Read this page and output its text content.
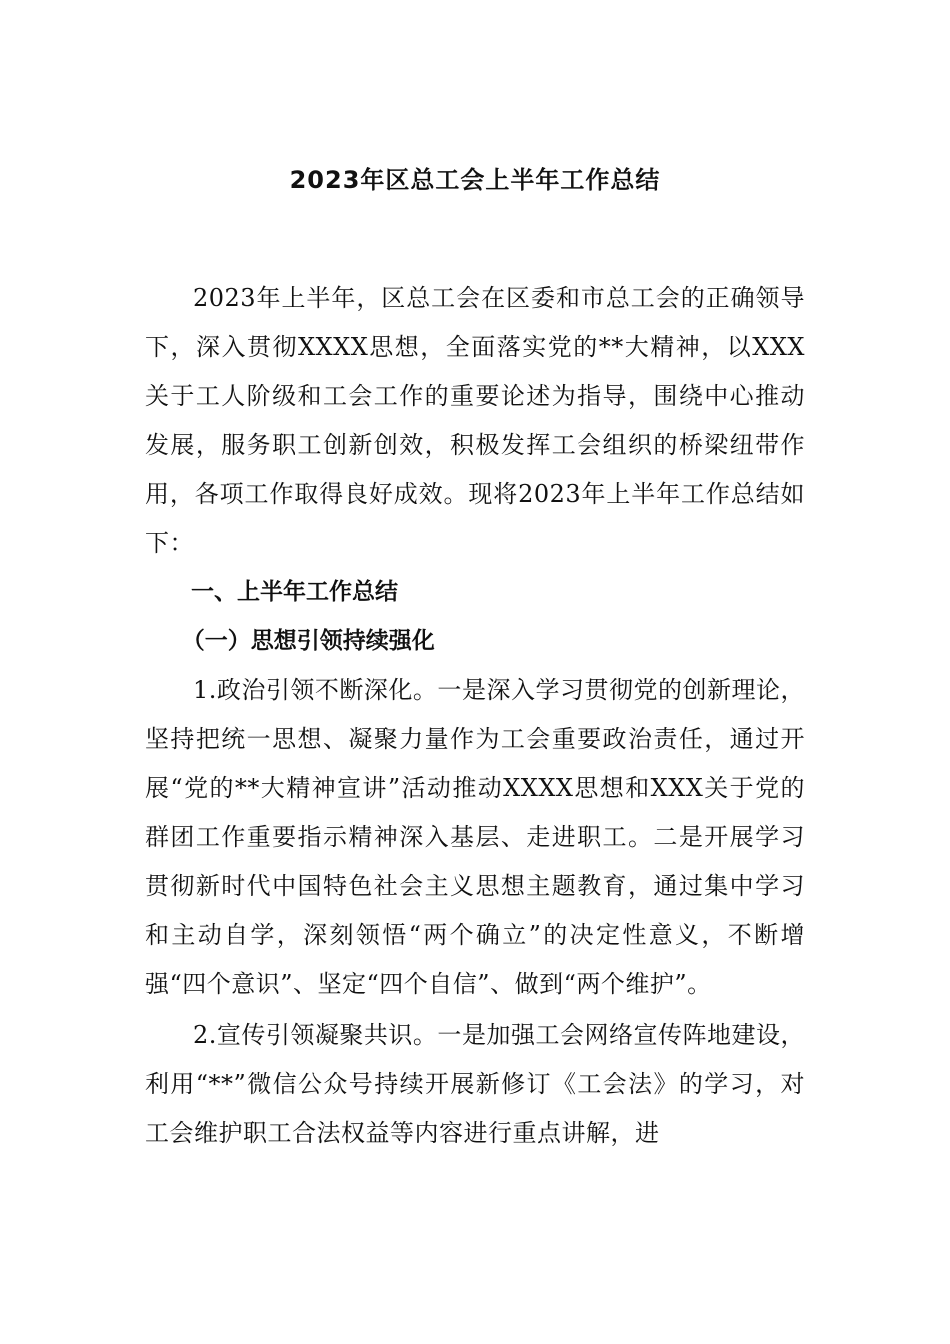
2023年区总工会上半年工作总结

2023年上半年，区总工会在区委和市总工会的正确领导下，深入贯彻XXXX思想，全面落实党的**大精神，以XXX关于工人阶级和工会工作的重要论述为指导，围绕中心推动发展，服务职工创新创效，积极发挥工会组织的桥梁纽带作用，各项工作取得良好成效。现将2023年上半年工作总结如下：

一、上半年工作总结

（一）思想引领持续强化

1.政治引领不断深化。一是深入学习贯彻党的创新理论，坚持把统一思想、凝聚力量作为工会重要政治责任，通过开展“党的**大精神宣讲”活动推动XXXX思想和XXX关于党的群团工作重要指示精神深入基层、走进职工。二是开展学习贯彻新时代中国特色社会主义思想主题教育，通过集中学习和主动自学，深刻领悟“两个确立”的决定性意义，不断增强“四个意识”、坚定“四个自信”、做到“两个维护”。

2.宣传引领凝聚共识。一是加强工会网络宣传阵地建设，利用“**”微信公众号持续开展新修订《工会法》的学习，对工会维护职工合法权益等内容进行重点讲解，进
